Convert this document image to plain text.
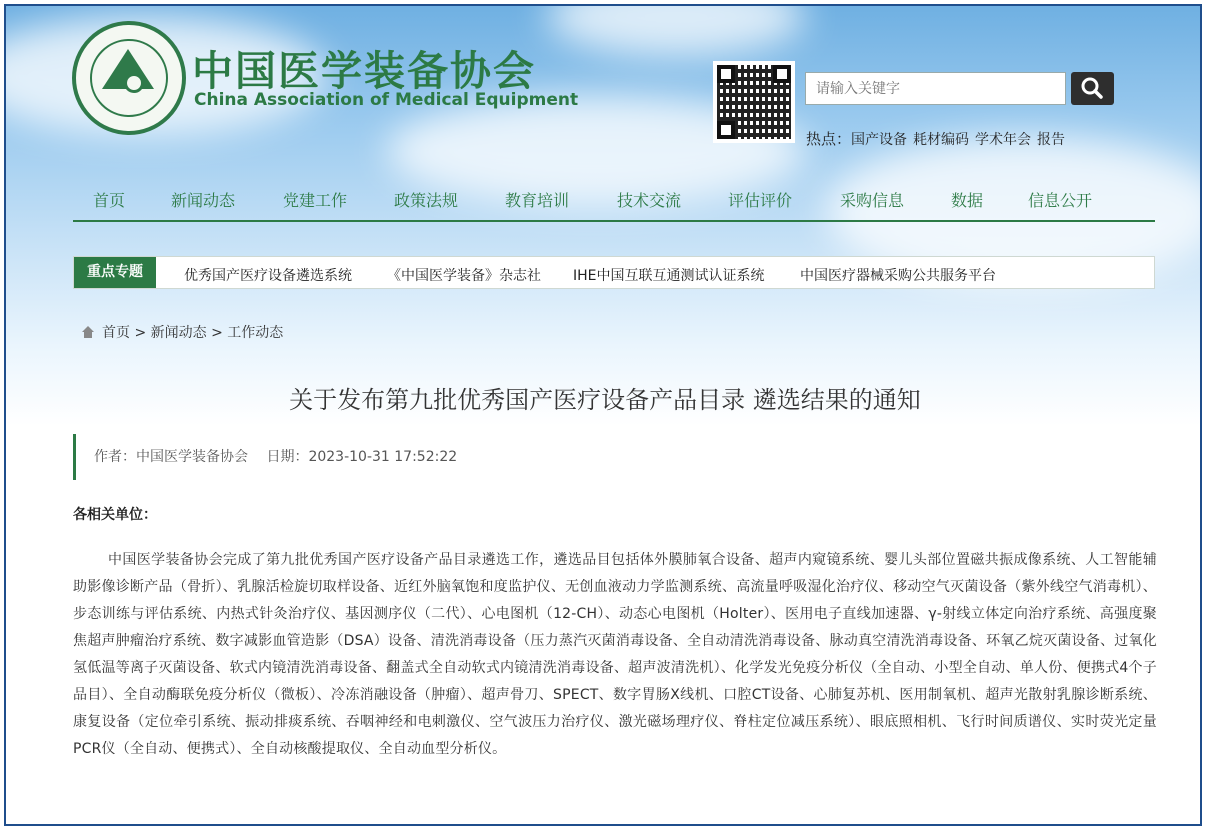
中国医学装备协会
China Association of Medical Equipment
请输入关键字
热点：国产设备 耗材编码 学术年会 报告
首页	新闻动态	党建工作	政策法规	教育培训	技术交流	评估评价	采购信息	数据	信息公开
重点专题	优秀国产医疗设备遴选系统	《中国医学装备》杂志社 IHE中国互联互通测试认证系统	中国医疗器械采购公共服务平台
首页 > 新闻动态 > 工作动态
关于发布第九批优秀国产医疗设备产品目录 遴选结果的通知
作者：中国医学装备协会 日期：2023-10-31 17:52:22
各相关单位：
中国医学装备协会完成了第九批优秀国产医疗设备产品目录遴选工作，遴选品目包括体外膜肺氧合设备、超声内窥镜系统、婴儿头部位置磁共振成像系统、人工智能辅助影像诊断产品（骨折）、乳腺活检旋切取样设备、近红外脑氧饱和度监护仪、无创血液动力学监测系统、高流量呼吸湿化治疗仪、移动空气灭菌设备（紫外线空气消毒机）、步态训练与评估系统、内热式针灸治疗仪、基因测序仪（二代）、心电图机（12-CH）、动态心电图机（Holter）、医用电子直线加速器、γ-射线立体定向治疗系统、高强度聚焦超声肿瘤治疗系统、数字减影血管造影（DSA）设备、清洗消毒设备（压力蒸汽灭菌消毒设备、全自动清洗消毒设备、脉动真空清洗消毒设备、环氧乙烷灭菌设备、过氧化氢低温等离子灭菌设备、软式内镜清洗消毒设备、翻盖式全自动软式内镜清洗消毒设备、超声波清洗机）、化学发光免疫分析仪（全自动、小型全自动、单人份、便携式4个子品目）、全自动酶联免疫分析仪（微板）、冷冻消融设备（肿瘤）、超声骨刀、SPECT、数字胃肠X线机、口腔CT设备、心肺复苏机、医用制氧机、超声光散射乳腺诊断系统、康复设备（定位牵引系统、振动排痰系统、吞咽神经和电刺激仪、空气波压力治疗仪、激光磁场理疗仪、脊柱定位减压系统）、眼底照相机、飞行时间质谱仪、实时荧光定量PCR仪（全自动、便携式）、全自动核酸提取仪、全自动血型分析仪。
